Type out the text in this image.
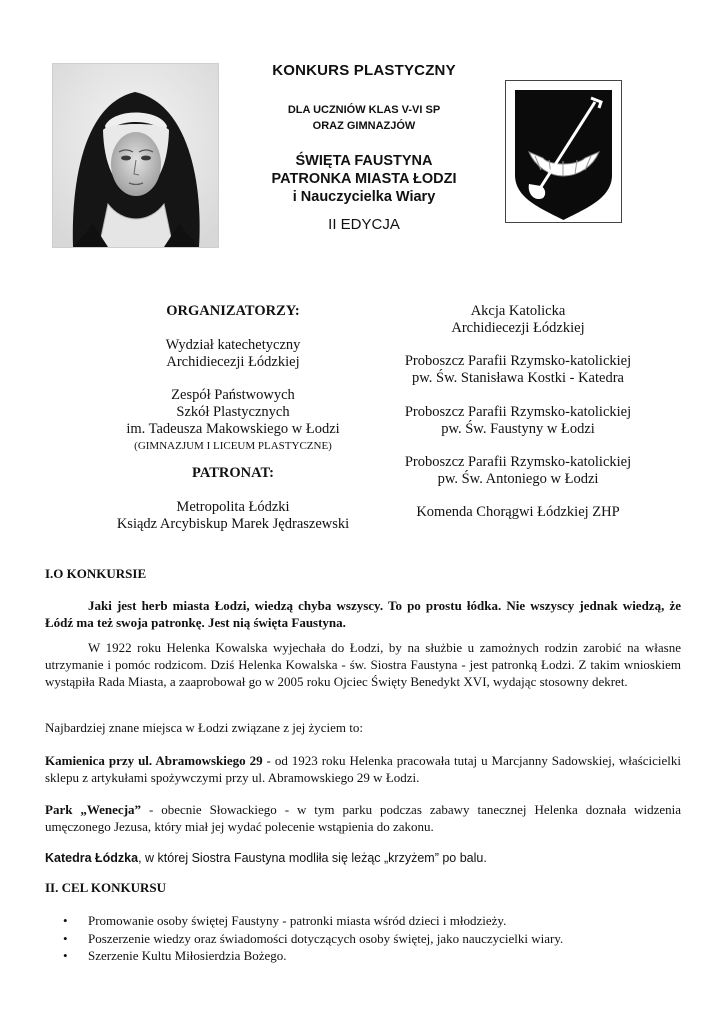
KONKURS PLASTYCZNY
DLA UCZNIÓW KLAS V-VI SP
ORAZ GIMNAZJÓW
ŚWIĘTA FAUSTYNA
PATRONKA MIASTA ŁODZI
i Nauczycielka Wiary
II EDYCJA
ORGANIZATORZY:
Wydział katechetyczny
Archidiecezji Łódzkiej
Zespół Państwowych
Szkół Plastycznych
im. Tadeusza Makowskiego w Łodzi
(GIMNAZJUM I LICEUM PLASTYCZNE)
PATRONAT:
Metropolita Łódzki
Ksiądz Arcybiskup Marek Jędraszewski
Akcja Katolicka
Archidiecezji Łódzkiej
Proboszcz Parafii Rzymsko-katolickiej
pw. Św. Stanisława Kostki - Katedra
Proboszcz Parafii Rzymsko-katolickiej
pw. Św. Faustyny w Łodzi
Proboszcz Parafii Rzymsko-katolickiej
pw. Św. Antoniego w Łodzi
Komenda Chorągwi Łódzkiej ZHP
I.O KONKURSIE
Jaki jest herb miasta Łodzi, wiedzą chyba wszyscy. To po prostu łódka. Nie wszyscy jednak wiedzą, że Łódź ma też swoja patronkę. Jest nią święta Faustyna.
W 1922 roku Helenka Kowalska wyjechała do Łodzi, by na służbie u zamożnych rodzin zarobić na własne utrzymanie i pomóc rodzicom. Dziś Helenka Kowalska - św. Siostra Faustyna - jest patronką Łodzi. Z takim wnioskiem wystąpiła Rada Miasta, a zaaprobował go w 2005 roku Ojciec Święty Benedykt XVI, wydając stosowny dekret.
Najbardziej znane miejsca w Łodzi związane z jej życiem to:
Kamienica przy ul. Abramowskiego 29 - od 1923 roku Helenka pracowała tutaj u Marcjanny Sadowskiej, właścicielki sklepu z artykułami spożywczymi przy ul. Abramowskiego 29 w Łodzi.
Park „Wenecja” - obecnie Słowackiego - w tym parku podczas zabawy tanecznej Helenka doznała widzenia umęczonego Jezusa, który miał jej wydać polecenie wstąpienia do zakonu.
Katedra Łódzka, w której Siostra Faustyna modliła się leżąc „krzyżem” po balu.
II. CEL KONKURSU
• Promowanie osoby świętej Faustyny - patronki miasta wśród dzieci i młodzieży.
• Poszerzenie wiedzy oraz świadomości dotyczących osoby świętej, jako nauczycielki wiary.
• Szerzenie Kultu Miłosierdzia Bożego.
